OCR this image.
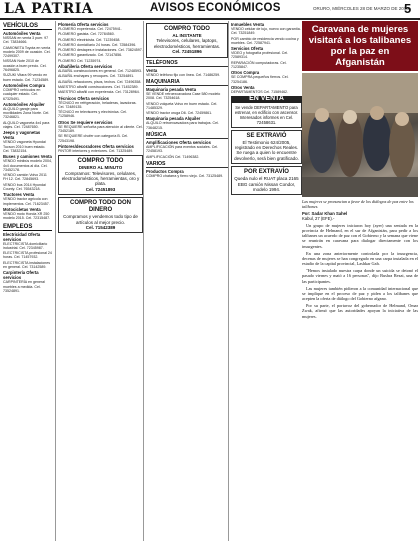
LA PATRIA	AVISOS ECONÓMICOS	ORURO, MIÉRCOLES 28 DE MARZO DE 2018
5
VEHÍCULOS
Automóviles Venta
NISSAN en venta 3 puer. 97 Cel. 73834666.
CAMIONETA Toyota en venta modelo 2009 de ocasión. Cel. 72499307.
NISSAN Note 2010 de ocasión a buen precio. Cel. 76496825.
SUZUKI Vitara 99 vendo en buen estado. Cel. 71234589.
Automóviles Compra
COMPRO vehículos en cualquier estado. Cel. 67325491.
Automóviles Alquiler
ALQUILO garaje para movilidades Zona Norte. Cel. 73246821.
ALQUILO vagoneta 4x4 para viajes. Cel. 72487650.
Jeeps y vagonetas Venta
VENDO vagoneta Hyundai Tucson 2010 buen estado. Cel. 73832154.
Buses y camiones Venta
VENDO minibús modelo 2004, 4x4 documentos al día. Cel. 73452178.
VENDO camión Volvo 2011 FH 12. Cel. 72845693.
VENDO bus 2014 Hyundai County. Cel. 76543218.
Tractores Venta
VENDO tractor agrícola con implementos. Cel. 71623457.
Motocicletas Venta
VENDO moto Honda XR 250 modelo 2015. Cel. 72315487.
EMPLEOS
Electricidad Oferta servicios
ELECTRICISTA domiciliario industrial. Cel. 72345987.
ELECTRICISTA profesional 24 horas. Cel. 71457932.
ELECTRICISTA instalaciones en general. Cel. 73142589.
Carpintería Oferta servicios
CARPINTERÍA en general muebles a medida. Cel. 73524891.
Plomería Oferta servicios
PLOMERO experiencia. Cel. 72475941.
PLOMERO gasista. Cel. 72784560.
PLOMERO electricista. Cel. 71239458.
PLOMERO domiciliario 24 horas. Cel. 72584396.
PLOMERO destapes e instalaciones. Cel. 73824597.
PLOMERO garantizado. Cel. 72147856.
PLOMERO Cel. 71235974.
Albañilería Oferta servicios
ALBAÑIL construcciones en general. Cel. 71248593.
ALBAÑIL enchapes y revoques. Cel. 73254891.
ALBAÑIL refacciones, pisos, techos. Cel. 72496358.
MAESTRO albañil construcciones. Cel. 71452389.
MAESTRO albañil con experiencia. Cel. 73128964.
Técnicos Oferta servicios
TÉCNICO en refrigeración, heladeras, lavadoras. Cel. 72489135.
TÉCNICO en televisores y electrónica. Cel. 71258946.
Otros Se requiere servicios
SE REQUIERE señorita para atención al cliente. Cel. 73452189.
SE REQUIERE chofer con categoría B. Cel. 72543198.
Pintores/decoradores Oferta servicios
PINTOR interiores y exteriores. Cel. 71325489.
COMPRO TODO
DINERO AL MINUTO
Compramos: Televisores, celulares, electrodomésticos, herramientas, oro y plata.
Cel. 72451893
COMPRO TODO DON DINERO
Compramos y vendemos todo tipo de artículos al mejor precio.
Cel. 71542389
COMPRO TODO
AL INSTANTE
Televisores, celulares, laptops, electrodomésticos, herramientas.
Cel. 72451896
TELÉFONOS
Venta
VENDO teléfono fijo con línea. Cel. 71486259.
MAQUINARIA
Maquinaria pesada Venta
SE VENDE retroexcavadora Case 580 modelo 2008. Cel. 73254618.
VENDO volqueta Volvo en buen estado. Cel. 71485329.
VENDO tractor oruga D6. Cel. 72459861.
Maquinaria pesada Alquiler
ALQUILO retroexcavadora para trabajos. Cel. 73648215.
MÚSICA
Amplificaciones Oferta servicios
AMPLIFICACIÓN para eventos sociales. Cel. 72458193.
AMPLIFICACIÓN Cel. 71496382.
VARIOS
Productos Compra
COMPRO chatarra y fierro viejo. Cel. 73125489.
Inmuebles Venta
VENDO celular de lujo, nuevo con garantía. Cel. 73251849.
POR cambio de residencia vendo cocina y muebles. Cel. 72587941.
Servicios Oferta
VIDEO y fotografía profesional. Cel. 72589314.
REPARACIÓN computadoras. Cel. 71235847.
Otros Compra
SE COMPRA pequeños fierros. Cel. 73254186.
Otros Venta
DEPARTAMENTOS Cel. 71589462.
EN VENTA
Se vende DEPARTAMENTO para estrenar, en edificio con ascensor. Interesados informes en Cel. 72458631.
SE EXTRAVIÓ
El Testimonio 624/2005, registrado en Derechos Reales. Se ruega a quien lo encuentre devolverlo, será bien gratificado.
POR EXTRAVÍO
Queda nulo el RUAT placa 2165 EBG camión Nissan Condor, modelo 1994.
Caravana de mujeres visitará a los talibanes por la paz en Afganistán
Las mujeres se pronuncian a favor de los diálogos de paz entre los talibanes.
Por: Sadar Khan Sahel
Kabul, 27 (EFE).-

Un grupo de mujeres iniciaron hoy (ayer) una sentada en la provincia de Helmand, en el sur de Afganistán, para pedir a los talibanes un acuerdo de paz con el Gobierno y la semana que viene se reunirán en caravana para dialogar directamente con los insurgentes.

En una zona anteriormente controlada por la insurgencia, decenas de mujeres se han congregado en una carpa instalada en el estadio de la capital provincial, Lashkar Gah.

"Hemos instalado nuestra carpa donde un suicida se detonó el pasado viernes y mató a 16 personas", dijo Bushra Rezai, una de las participantes.

Las mujeres también pidieron a la comunidad internacional que se implique en el proceso de paz y piden a los talibanes que acepten la oferta de diálogo del Gobierno afgano.

Por su parte, el portavoz del gobernador de Helmand, Omar Zwak, afirmó que las autoridades apoyan la iniciativa de las mujeres.
